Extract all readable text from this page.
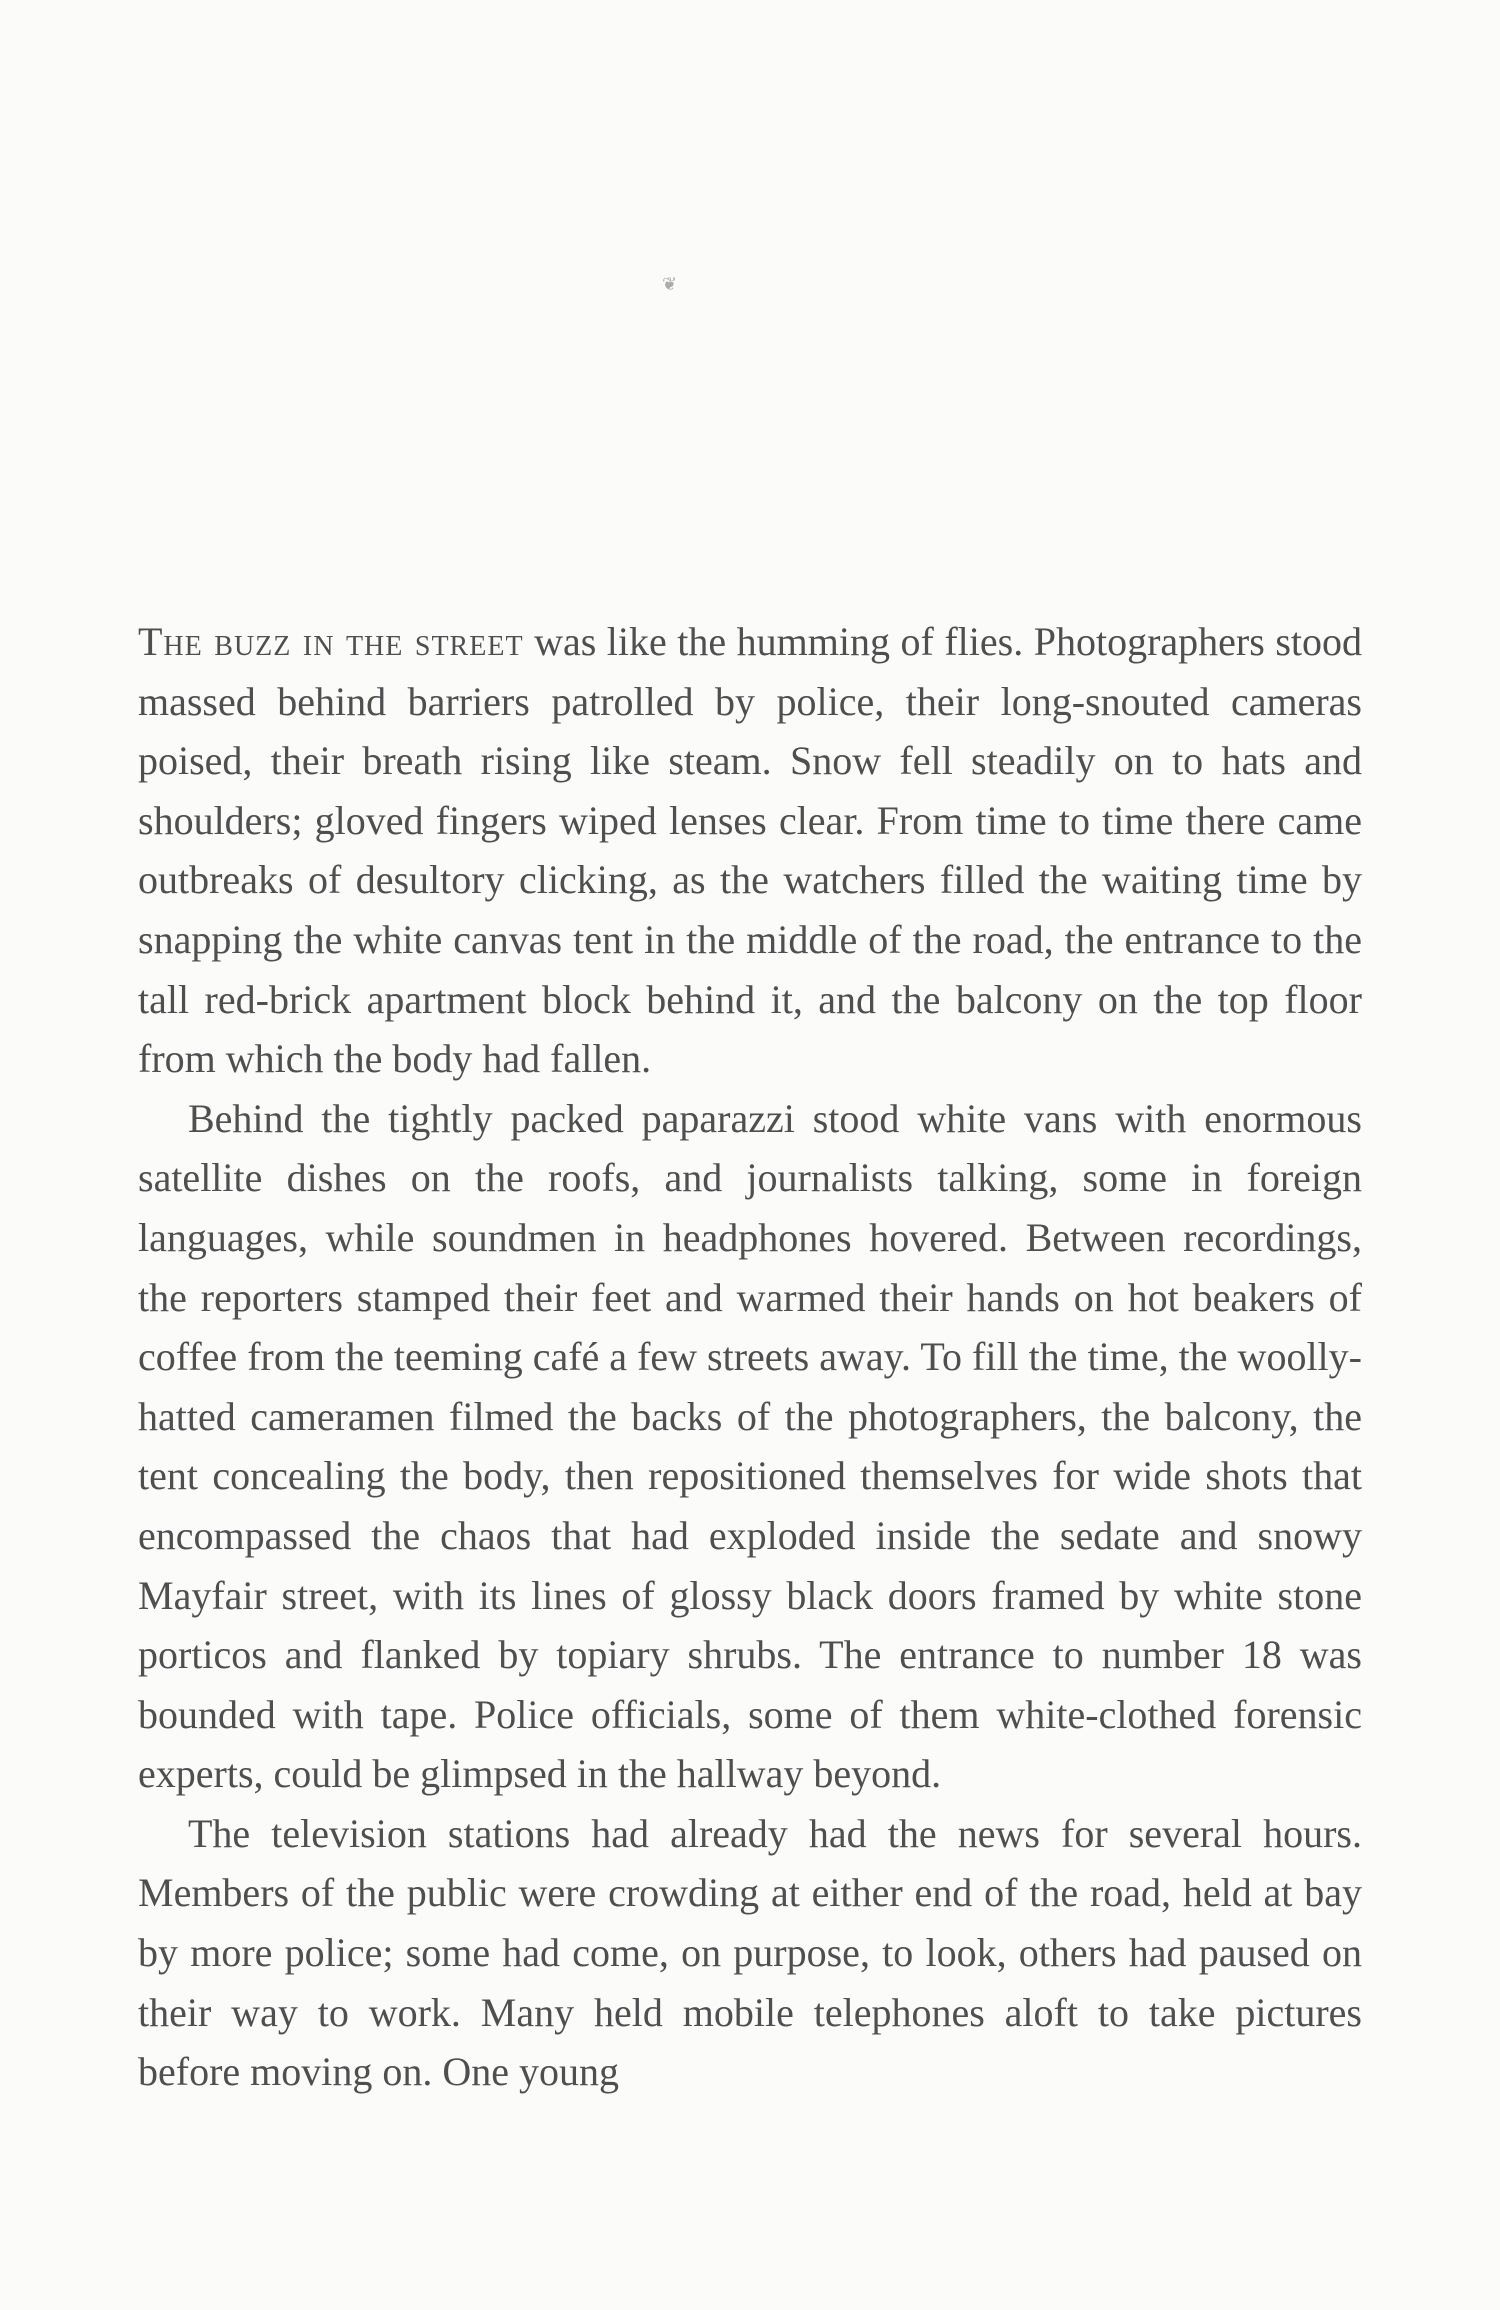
❦

The buzz in the street was like the humming of flies. Photographers stood massed behind barriers patrolled by police, their long-snouted cameras poised, their breath rising like steam. Snow fell steadily on to hats and shoulders; gloved fingers wiped lenses clear. From time to time there came outbreaks of desultory clicking, as the watchers filled the waiting time by snapping the white canvas tent in the middle of the road, the entrance to the tall red-brick apartment block behind it, and the balcony on the top floor from which the body had fallen.

Behind the tightly packed paparazzi stood white vans with enormous satellite dishes on the roofs, and journalists talking, some in foreign languages, while soundmen in headphones hovered. Between recordings, the reporters stamped their feet and warmed their hands on hot beakers of coffee from the teeming café a few streets away. To fill the time, the woolly-hatted cameramen filmed the backs of the photographers, the balcony, the tent concealing the body, then repositioned themselves for wide shots that encompassed the chaos that had exploded inside the sedate and snowy Mayfair street, with its lines of glossy black doors framed by white stone porticos and flanked by topiary shrubs. The entrance to number 18 was bounded with tape. Police officials, some of them white-clothed forensic experts, could be glimpsed in the hallway beyond.

The television stations had already had the news for several hours. Members of the public were crowding at either end of the road, held at bay by more police; some had come, on purpose, to look, others had paused on their way to work. Many held mobile telephones aloft to take pictures before moving on. One young
